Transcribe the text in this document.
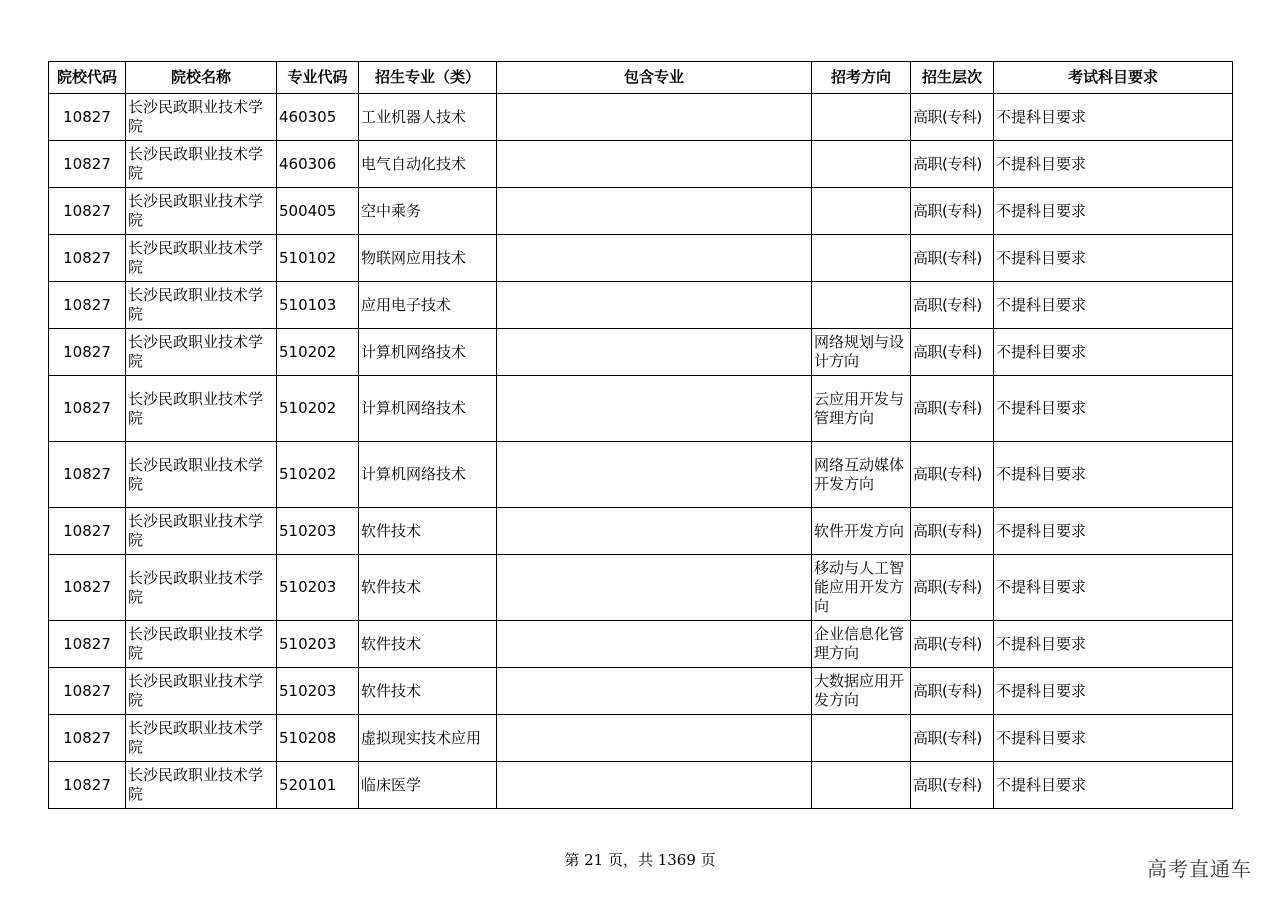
院校代码	院校名称	专业代码	招生专业（类）	包含专业	招考方向	招生层次	考试科目要求
10827	长沙民政职业技术学院	460305	工业机器人技术			高职(专科)	不提科目要求
10827	长沙民政职业技术学院	460306	电气自动化技术			高职(专科)	不提科目要求
10827	长沙民政职业技术学院	500405	空中乘务			高职(专科)	不提科目要求
10827	长沙民政职业技术学院	510102	物联网应用技术			高职(专科)	不提科目要求
10827	长沙民政职业技术学院	510103	应用电子技术			高职(专科)	不提科目要求
10827	长沙民政职业技术学院	510202	计算机网络技术		网络规划与设计方向	高职(专科)	不提科目要求
10827	长沙民政职业技术学院	510202	计算机网络技术		云应用开发与管理方向	高职(专科)	不提科目要求
10827	长沙民政职业技术学院	510202	计算机网络技术		网络互动媒体开发方向	高职(专科)	不提科目要求
10827	长沙民政职业技术学院	510203	软件技术		软件开发方向	高职(专科)	不提科目要求
10827	长沙民政职业技术学院	510203	软件技术		移动与人工智能应用开发方向	高职(专科)	不提科目要求
10827	长沙民政职业技术学院	510203	软件技术		企业信息化管理方向	高职(专科)	不提科目要求
10827	长沙民政职业技术学院	510203	软件技术		大数据应用开发方向	高职(专科)	不提科目要求
10827	长沙民政职业技术学院	510208	虚拟现实技术应用			高职(专科)	不提科目要求
10827	长沙民政职业技术学院	520101	临床医学			高职(专科)	不提科目要求
第 21 页，共 1369 页	高考直通车
